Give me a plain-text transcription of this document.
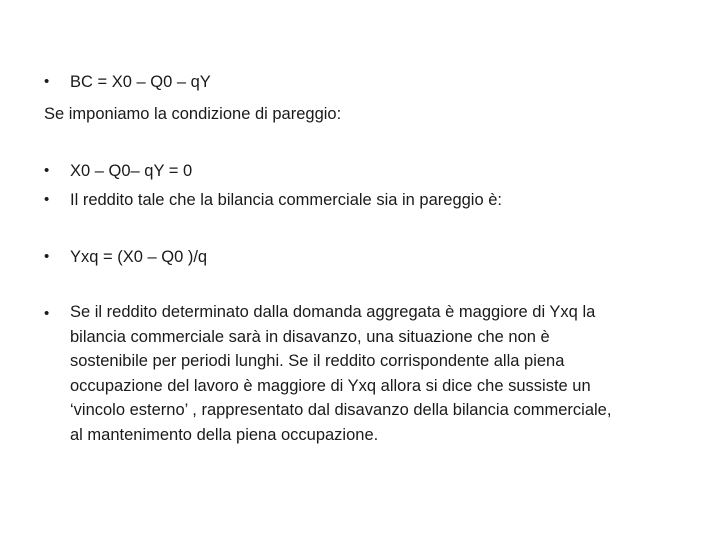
• BC = X0 – Q0 – qY
Se imponiamo la condizione di pareggio:
• X0 – Q0– qY = 0
• Il reddito tale che la bilancia commerciale sia in pareggio è:
• Yxq = (X0 – Q0 )/q
• Se il reddito determinato dalla domanda aggregata è maggiore di Yxq la
bilancia commerciale sarà in disavanzo, una situazione che non è
sostenibile per periodi lunghi. Se il reddito corrispondente alla piena
occupazione del lavoro è maggiore di Yxq allora si dice che sussiste un
‘vincolo esterno’ , rappresentato dal disavanzo della bilancia commerciale,
al mantenimento della piena occupazione.
